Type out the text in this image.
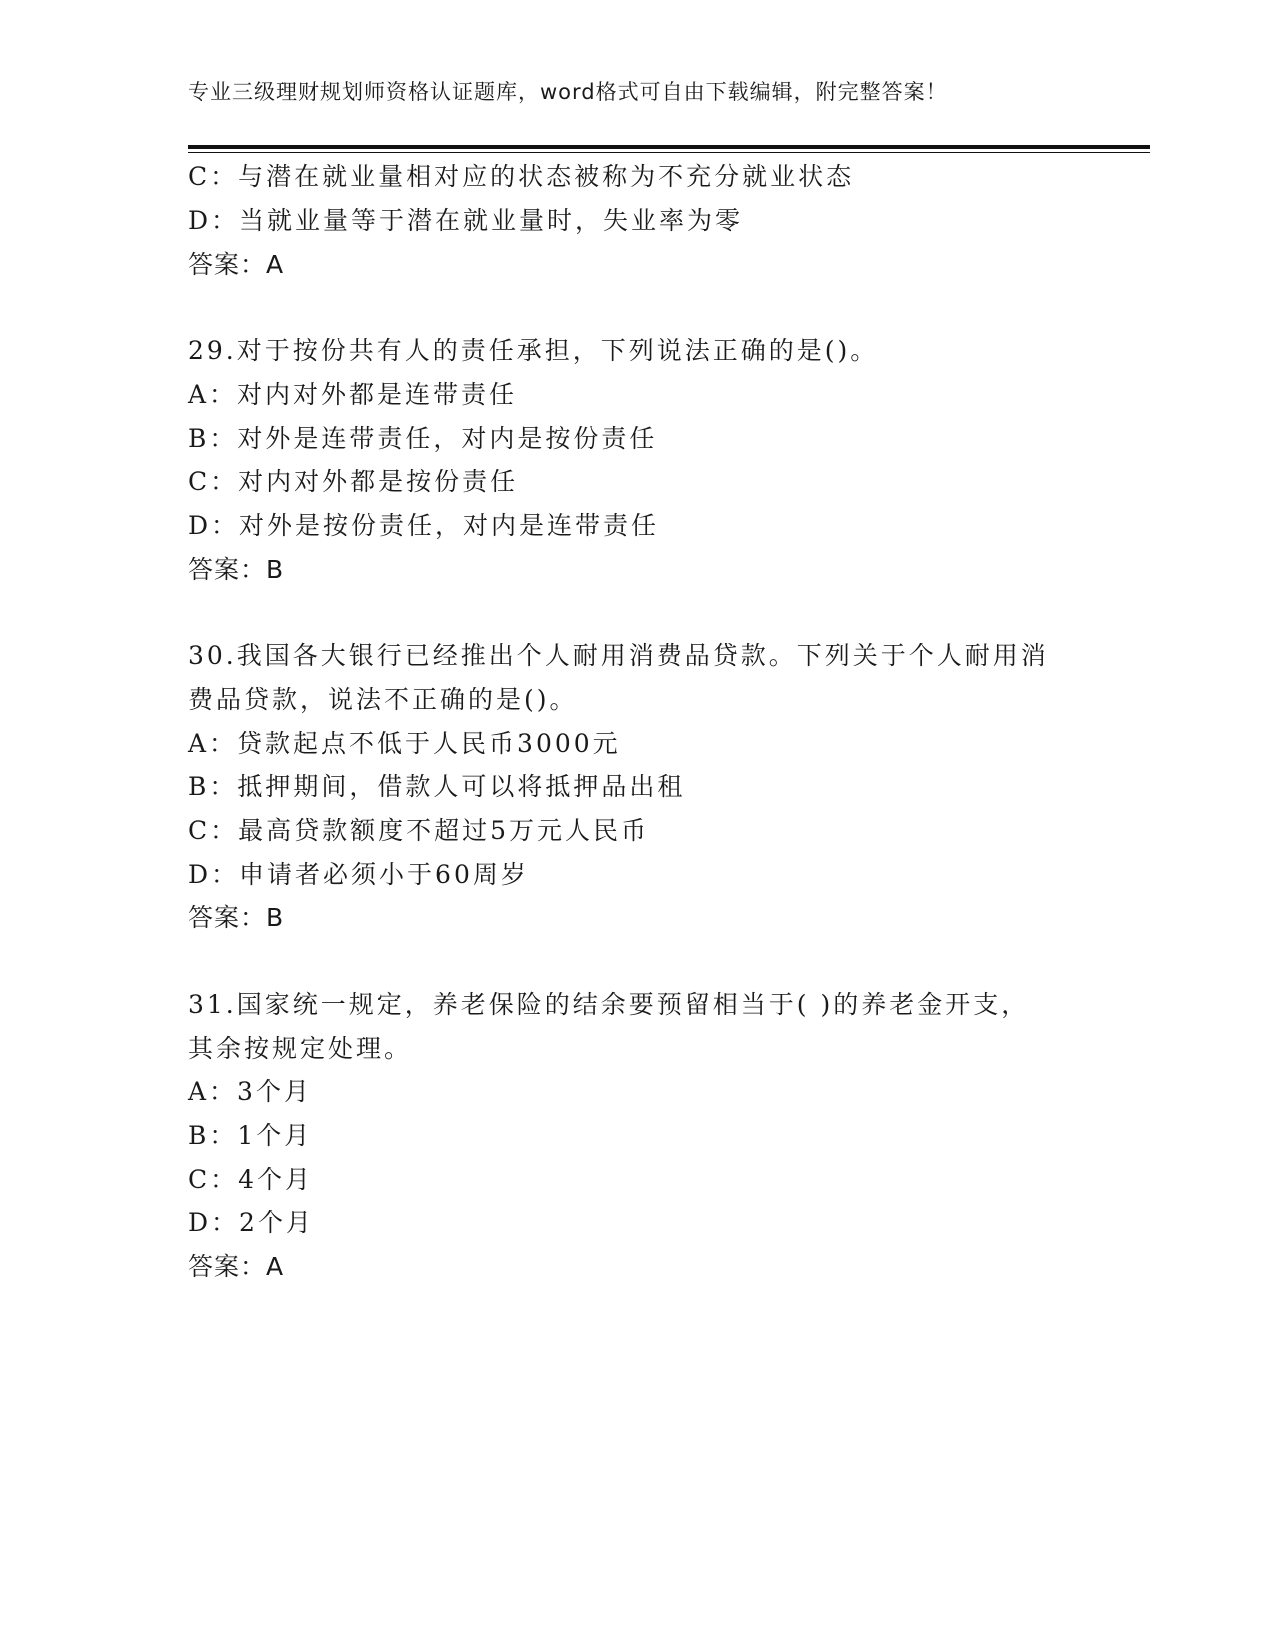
专业三级理财规划师资格认证题库，word格式可自由下载编辑，附完整答案！
C：与潜在就业量相对应的状态被称为不充分就业状态
D：当就业量等于潜在就业量时，失业率为零
答案：A
29.对于按份共有人的责任承担，下列说法正确的是()。
A：对内对外都是连带责任
B：对外是连带责任，对内是按份责任
C：对内对外都是按份责任
D：对外是按份责任，对内是连带责任
答案：B
30.我国各大银行已经推出个人耐用消费品贷款。下列关于个人耐用消
费品贷款，说法不正确的是()。
A：贷款起点不低于人民币3000元
B：抵押期间，借款人可以将抵押品出租
C：最高贷款额度不超过5万元人民币
D：申请者必须小于60周岁
答案：B
31.国家统一规定，养老保险的结余要预留相当于( )的养老金开支，
其余按规定处理。
A：3个月
B：1个月
C：4个月
D：2个月
答案：A
